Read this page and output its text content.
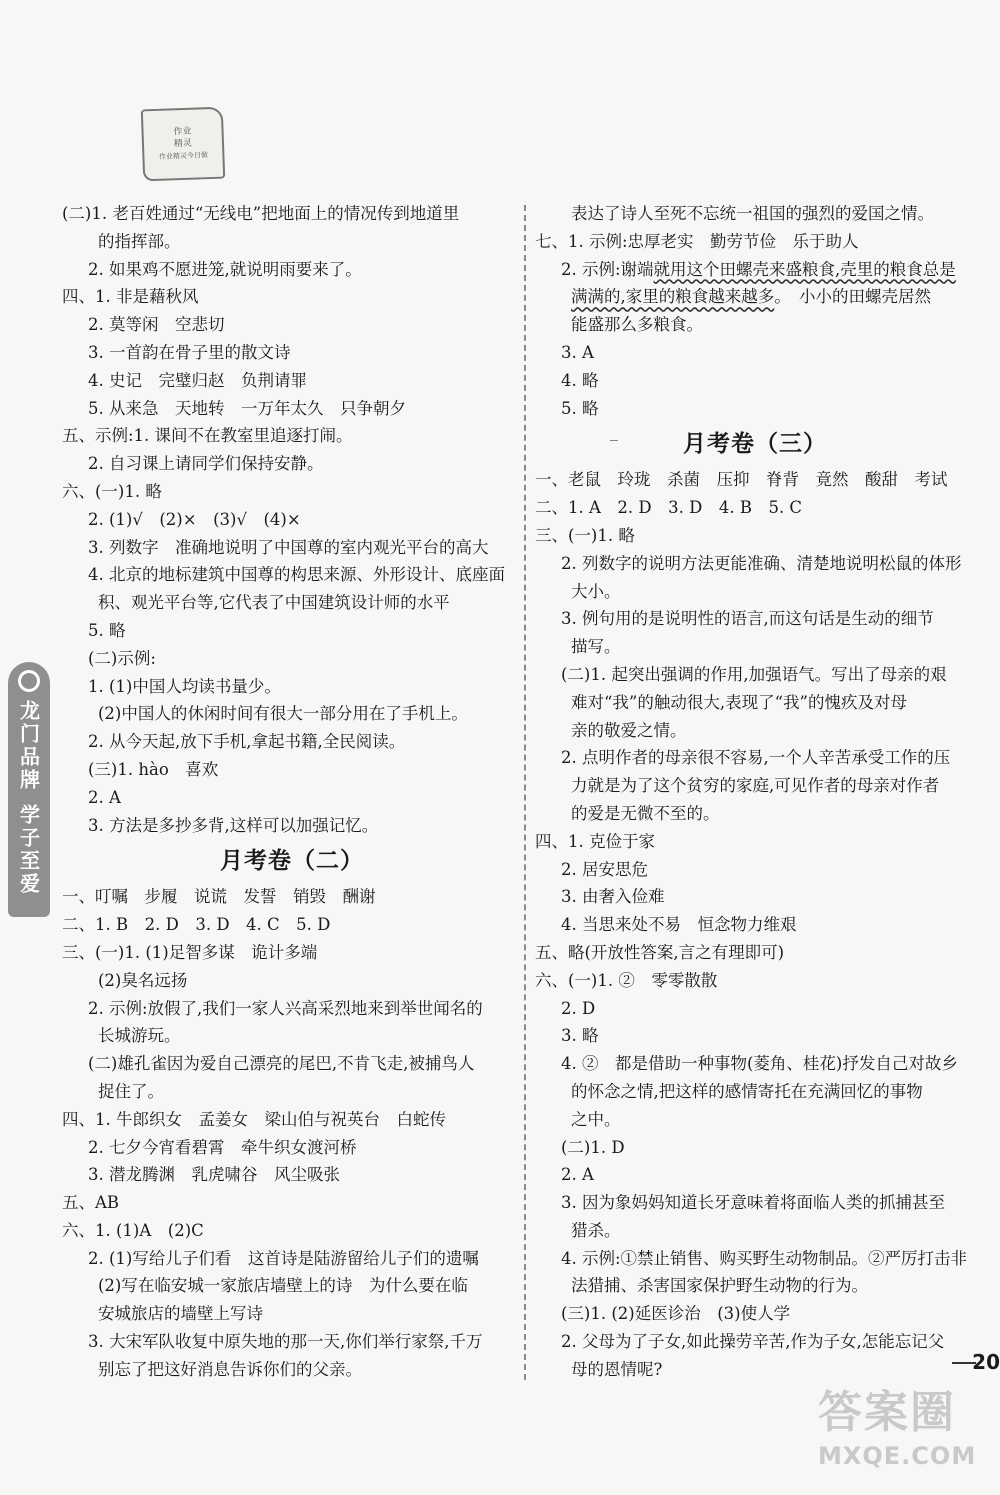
作业
精灵
作业精灵今日做
龙门品牌
学子至爱
(二)1. 老百姓通过“无线电”把地面上的情况传到地道里
的指挥部。
2. 如果鸡不愿进笼,就说明雨要来了。
四、1. 非是藉秋风
2. 莫等闲　空悲切
3. 一首韵在骨子里的散文诗
4. 史记　完璧归赵　负荆请罪
5. 从来急　天地转　一万年太久　只争朝夕
五、示例:1. 课间不在教室里追逐打闹。
2. 自习课上请同学们保持安静。
六、(一)1. 略
2. (1)√　(2)×　(3)√　(4)×
3. 列数字　准确地说明了中国尊的室内观光平台的高大
4. 北京的地标建筑中国尊的构思来源、外形设计、底座面
积、观光平台等,它代表了中国建筑设计师的水平
5. 略
(二)示例:
1. (1)中国人均读书量少。
(2)中国人的休闲时间有很大一部分用在了手机上。
2. 从今天起,放下手机,拿起书籍,全民阅读。
(三)1. hào　喜欢
2. A
3. 方法是多抄多背,这样可以加强记忆。
月考卷（二）
一、叮嘱　步履　说谎　发誓　销毁　酬谢
二、1. B　2. D　3. D　4. C　5. D
三、(一)1. (1)足智多谋　诡计多端
(2)臭名远扬
2. 示例:放假了,我们一家人兴高采烈地来到举世闻名的
长城游玩。
(二)雄孔雀因为爱自己漂亮的尾巴,不肯飞走,被捕鸟人
捉住了。
四、1. 牛郎织女　孟姜女　梁山伯与祝英台　白蛇传
2. 七夕今宵看碧霄　牵牛织女渡河桥
3. 潜龙腾渊　乳虎啸谷　风尘吸张
五、AB
六、1. (1)A　(2)C
2. (1)写给儿子们看　这首诗是陆游留给儿子们的遗嘱
(2)写在临安城一家旅店墙壁上的诗　为什么要在临
安城旅店的墙壁上写诗
3. 大宋军队收复中原失地的那一天,你们举行家祭,千万
别忘了把这好消息告诉你们的父亲。
表达了诗人至死不忘统一祖国的强烈的爱国之情。
七、1. 示例:忠厚老实　勤劳节俭　乐于助人
2. 示例:谢端就用这个田螺壳来盛粮食,壳里的粮食总是
满满的,家里的粮食越来越多。　小小的田螺壳居然
能盛那么多粮食。
3. A
4. 略
5. 略
月考卷（三）
一、老鼠　玲珑　杀菌　压抑　脊背　竟然　酸甜　考试
二、1. A　2. D　3. D　4. B　5. C
三、(一)1. 略
2. 列数字的说明方法更能准确、清楚地说明松鼠的体形
大小。
3. 例句用的是说明性的语言,而这句话是生动的细节
描写。
(二)1. 起突出强调的作用,加强语气。写出了母亲的艰
难对“我”的触动很大,表现了“我”的愧疚及对母
亲的敬爱之情。
2. 点明作者的母亲很不容易,一个人辛苦承受工作的压
力就是为了这个贫穷的家庭,可见作者的母亲对作者
的爱是无微不至的。
四、1. 克俭于家
2. 居安思危
3. 由奢入俭难
4. 当思来处不易　恒念物力维艰
五、略(开放性答案,言之有理即可)
六、(一)1. ②　零零散散
2. D
3. 略
4. ②　都是借助一种事物(菱角、桂花)抒发自己对故乡
的怀念之情,把这样的感情寄托在充满回忆的事物
之中。
(二)1. D
2. A
3. 因为象妈妈知道长牙意味着将面临人类的抓捕甚至
猎杀。
4. 示例:①禁止销售、购买野生动物制品。②严厉打击非
法猎捕、杀害国家保护野生动物的行为。
(三)1. (2)延医诊治　(3)使人学
2. 父母为了子女,如此操劳辛苦,作为子女,怎能忘记父
母的恩情呢?	20
答案圈
MXQE.COM
